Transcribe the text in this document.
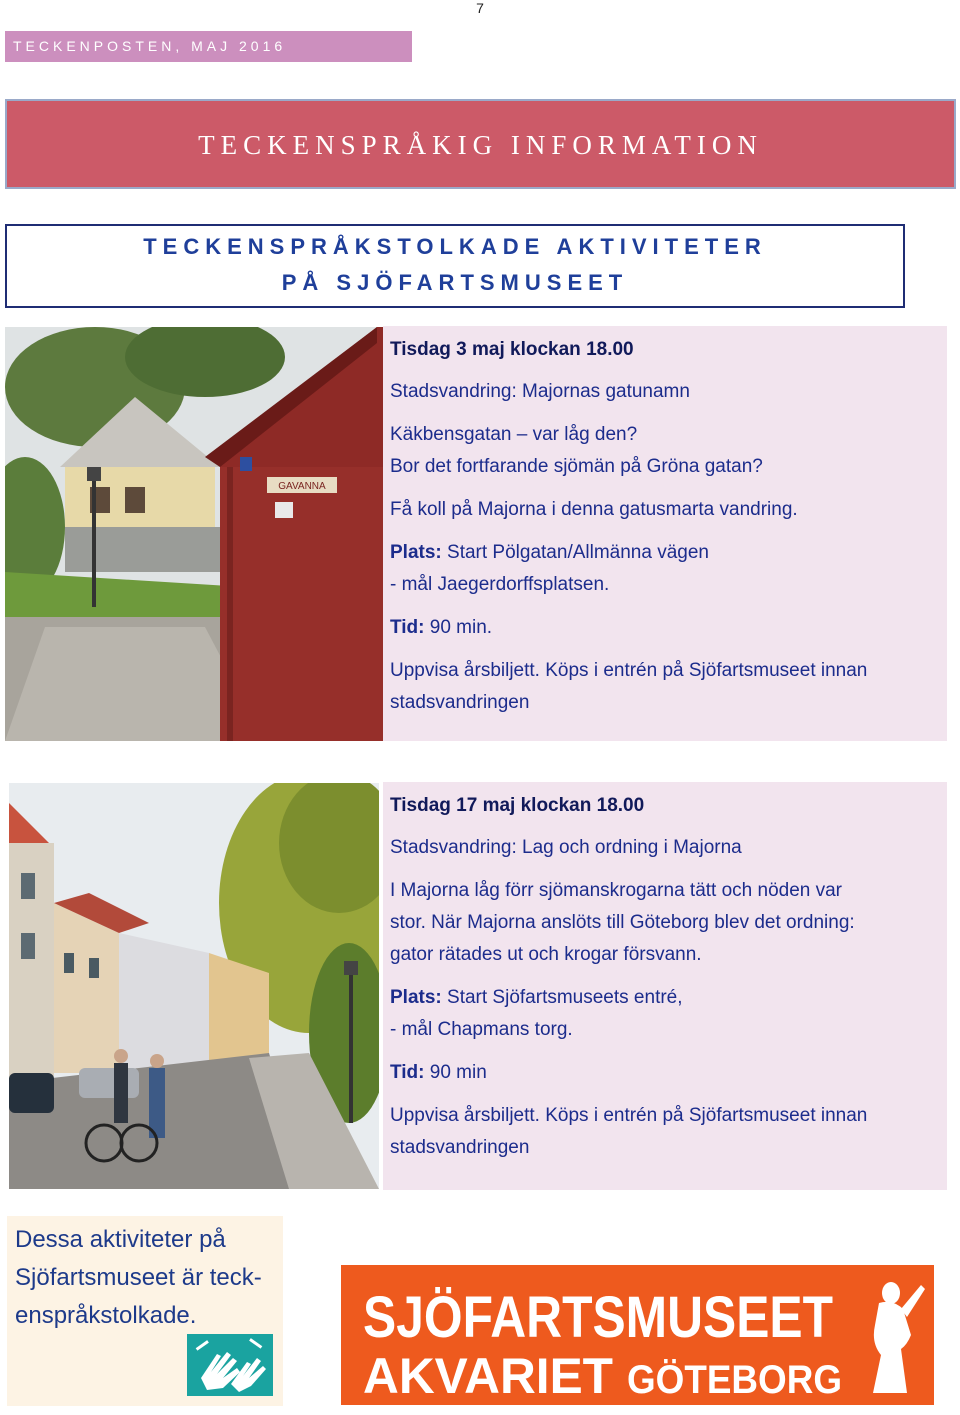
7
TECKENPOSTEN, MAJ 2016
TECKENSPRÅKIG INFORMATION
TECKENSPRÅKSTOLKADE AKTIVITETER
PÅ SJÖFARTSMUSEET
GAVANNA

Tisdag 3 maj klockan 18.00

Stadsvandring: Majornas gatunamn

Käkbensgatan – var låg den?

Bor det fortfarande sjömän på Gröna gatan?

Få koll på Majorna i denna gatusmarta vandring.

Plats: Start Pölgatan/Allmänna vägen

- mål Jaegerdorffsplatsen.

Tid: 90 min.

Uppvisa årsbiljett. Köps i entrén på Sjöfartsmuseet innan

stadsvandringen

Tisdag 17 maj klockan 18.00

Stadsvandring: Lag och ordning i Majorna

I Majorna låg förr sjömanskrogarna tätt och nöden var

stor. När Majorna anslöts till Göteborg blev det ordning:

gator rätades ut och krogar försvann.

Plats: Start Sjöfartsmuseets entré,

- mål Chapmans torg.

Tid: 90 min

Uppvisa årsbiljett. Köps i entrén på Sjöfartsmuseet innan

stadsvandringen

Dessa aktiviteter på
Sjöfartsmuseet är teck-
enspråkstolkade.	SJÖFARTSMUSEET
AKVARIET GÖTEBORG
